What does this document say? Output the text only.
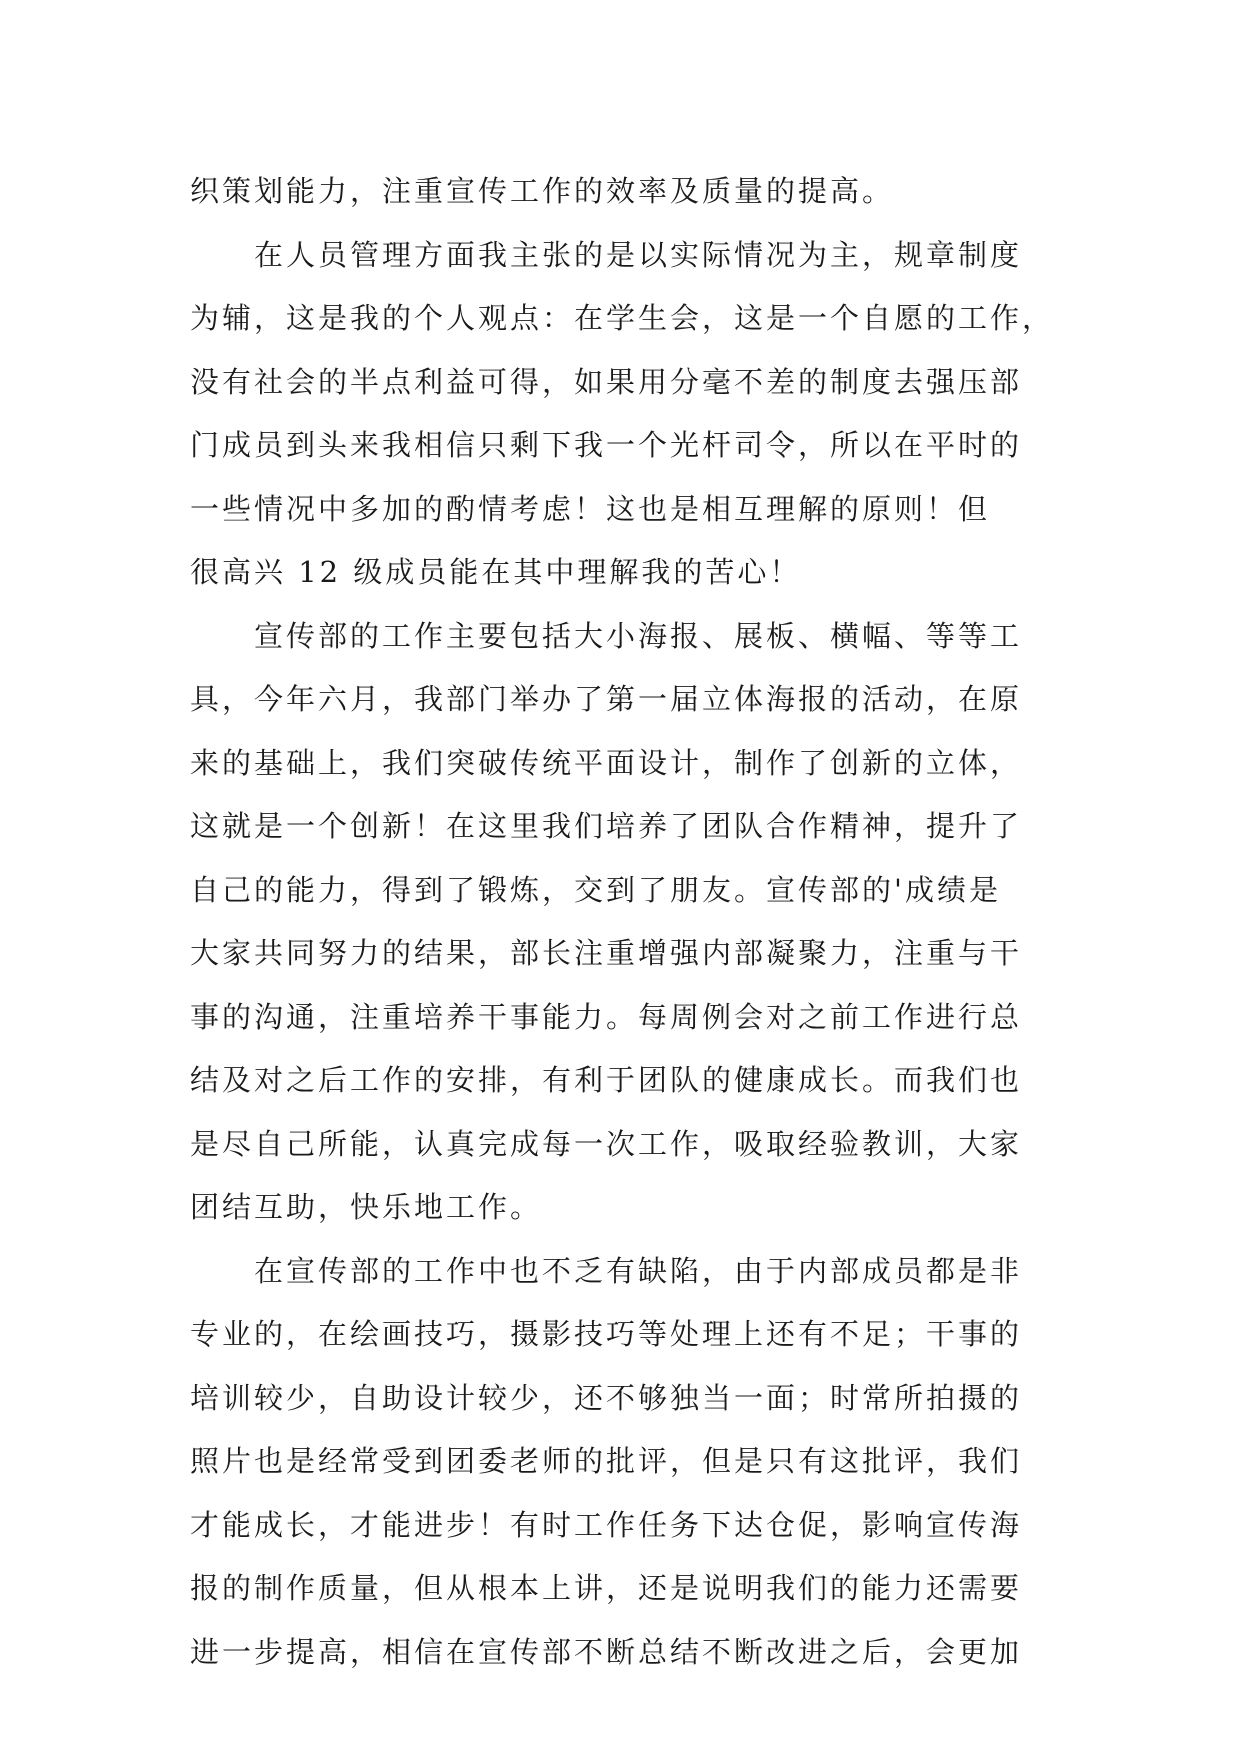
织策划能力，注重宣传工作的效率及质量的提高。
在人员管理方面我主张的是以实际情况为主，规章制度
为辅，这是我的个人观点：在学生会，这是一个自愿的工作，
没有社会的半点利益可得，如果用分毫不差的制度去强压部
门成员到头来我相信只剩下我一个光杆司令，所以在平时的
一些情况中多加的酌情考虑！这也是相互理解的原则！但
很高兴 12 级成员能在其中理解我的苦心！
宣传部的工作主要包括大小海报、展板、横幅、等等工
具，今年六月，我部门举办了第一届立体海报的活动，在原
来的基础上，我们突破传统平面设计，制作了创新的立体，
这就是一个创新！在这里我们培养了团队合作精神，提升了
自己的能力，得到了锻炼，交到了朋友。宣传部的'成绩是
大家共同努力的结果，部长注重增强内部凝聚力，注重与干
事的沟通，注重培养干事能力。每周例会对之前工作进行总
结及对之后工作的安排，有利于团队的健康成长。而我们也
是尽自己所能，认真完成每一次工作，吸取经验教训，大家
团结互助，快乐地工作。
在宣传部的工作中也不乏有缺陷，由于内部成员都是非
专业的，在绘画技巧，摄影技巧等处理上还有不足；干事的
培训较少，自助设计较少，还不够独当一面；时常所拍摄的
照片也是经常受到团委老师的批评，但是只有这批评，我们
才能成长，才能进步！有时工作任务下达仓促，影响宣传海
报的制作质量，但从根本上讲，还是说明我们的能力还需要
进一步提高，相信在宣传部不断总结不断改进之后，会更加
